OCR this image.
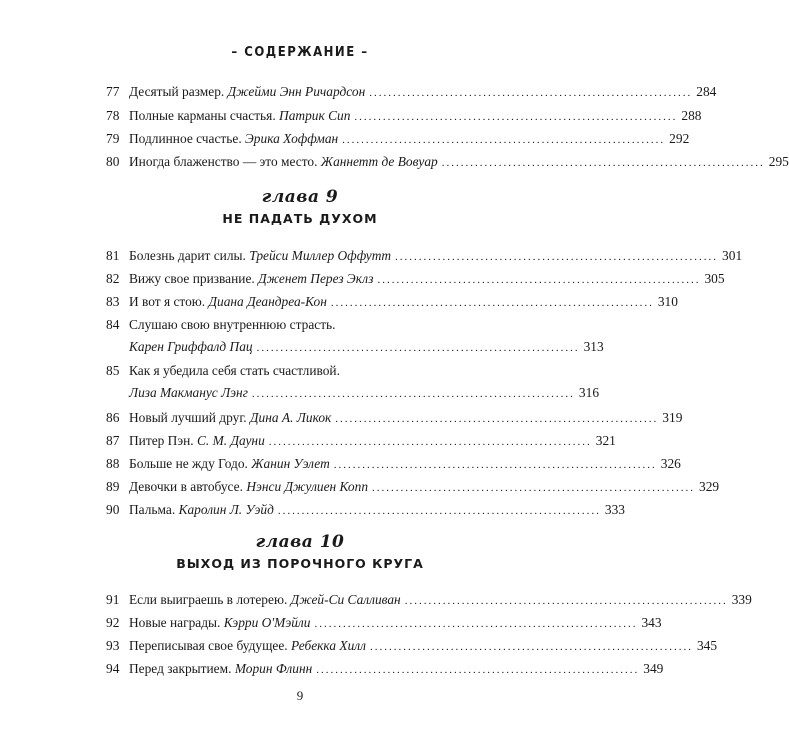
– СОДЕРЖАНИЕ –
77 Десятый размер. Джейми Энн Ричардсон .................................................................... 284
78 Полные карманы счастья. Патрик Сип .................................................................... 288
79 Подлинное счастье. Эрика Хоффман .................................................................... 292
80 Иногда блаженство — это место. Жаннетт де Вовуар .................................................................... 295
глава 9
НЕ ПАДАТЬ ДУХОМ
81 Болезнь дарит силы. Трейси Миллер Оффутт .................................................................... 301
82 Вижу свое призвание. Дженет Перез Эклз .................................................................... 305
83 И вот я стою. Диана Деандреа-Кон .................................................................... 310
84 Слушаю свою внутреннюю страсть.
Карен Гриффалд Пац .................................................................... 313
85 Как я убедила себя стать счастливой.
Лиза Макманус Лэнг .................................................................... 316
86 Новый лучший друг. Дина А. Ликок .................................................................... 319
87 Питер Пэн. С. М. Дауни .................................................................... 321
88 Больше не жду Годо. Жанин Уэлет .................................................................... 326
89 Девочки в автобусе. Нэнси Джулиен Копп .................................................................... 329
90 Пальма. Каролин Л. Уэйд .................................................................... 333
глава 10
ВЫХОД ИЗ ПОРОЧНОГО КРУГА
91 Если выиграешь в лотерею. Джей-Си Салливан .................................................................... 339
92 Новые награды. Кэрри О'Мэйли .................................................................... 343
93 Переписывая свое будущее. Ребекка Хилл .................................................................... 345
94 Перед закрытием. Морин Флинн .................................................................... 349
9
